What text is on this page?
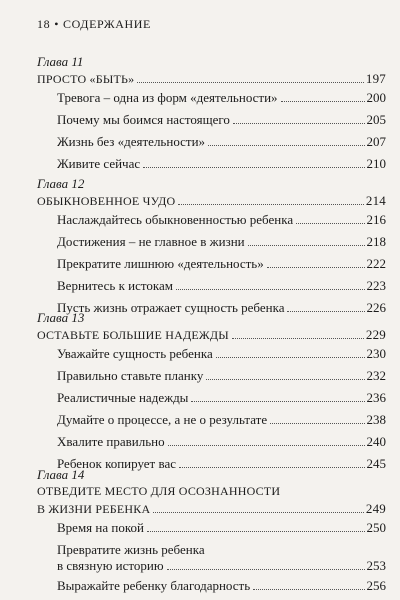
18 • СОДЕРЖАНИЕ
Глава 11
ПРОСТО «БЫТЬ»	197
Тревога – одна из форм «деятельности»	200
Почему мы боимся настоящего	205
Жизнь без «деятельности»	207
Живите сейчас	210
Глава 12
ОБЫКНОВЕННОЕ ЧУДО	214
Наслаждайтесь обыкновенностью ребенка	216
Достижения – не главное в жизни	218
Прекратите лишнюю «деятельность»	222
Вернитесь к истокам	223
Пусть жизнь отражает сущность ребенка	226
Глава 13
ОСТАВЬТЕ БОЛЬШИЕ НАДЕЖДЫ	229
Уважайте сущность ребенка	230
Правильно ставьте планку	232
Реалистичные надежды	236
Думайте о процессе, а не о результате	238
Хвалите правильно	240
Ребенок копирует вас	245
Глава 14
ОТВЕДИТЕ МЕСТО ДЛЯ ОСОЗНАННОСТИ
В ЖИЗНИ РЕБЕНКА	249
Время на покой	250
Превратите жизнь ребенка
в связную историю	253
Выражайте ребенку благодарность	256
